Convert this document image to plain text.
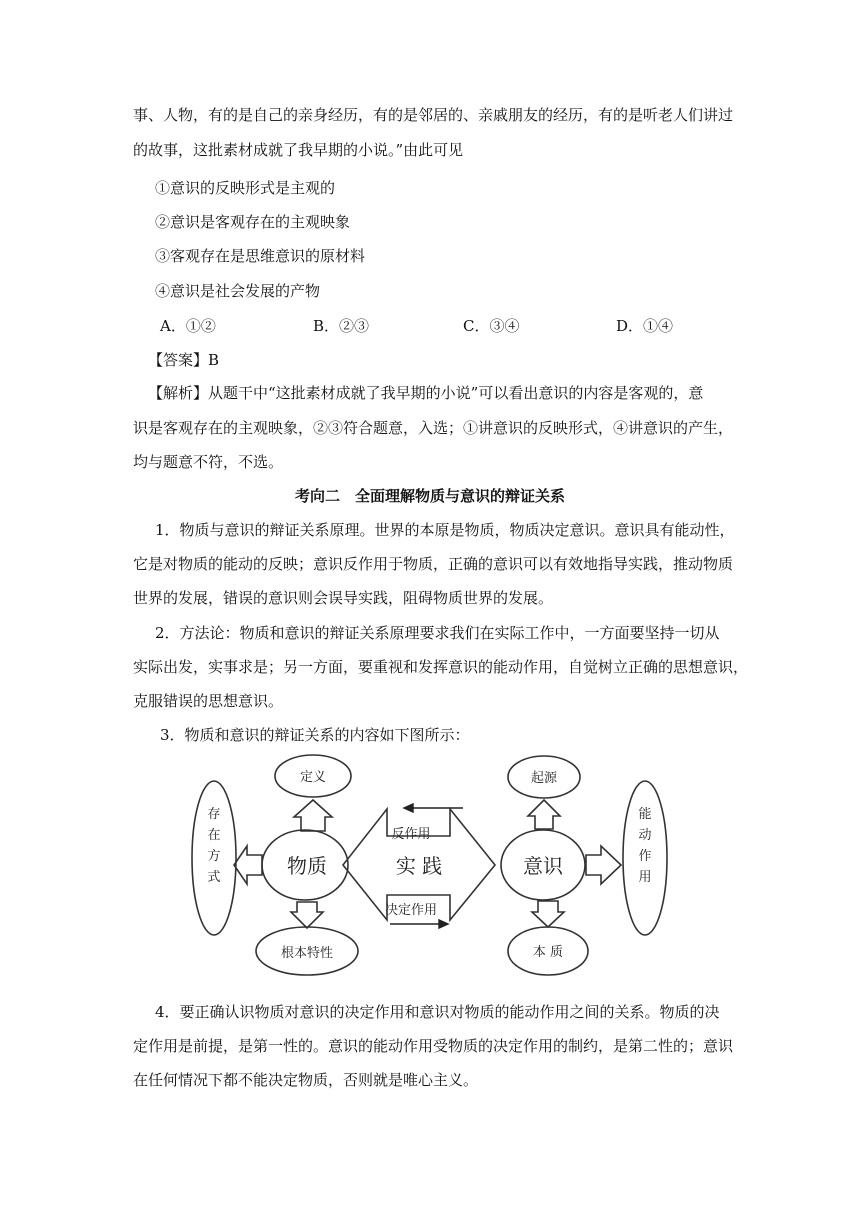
事、人物，有的是自己的亲身经历，有的是邻居的、亲戚朋友的经历，有的是听老人们讲过
的故事，这批素材成就了我早期的小说。”由此可见
①意识的反映形式是主观的
②意识是客观存在的主观映象
③客观存在是思维意识的原材料
④意识是社会发展的产物
A．①②	B．②③	C．③④	D．①④
【答案】B
【解析】从题干中“这批素材成就了我早期的小说”可以看出意识的内容是客观的，意
识是客观存在的主观映象，②③符合题意，入选；①讲意识的反映形式，④讲意识的产生，
均与题意不符，不选。
考向二　全面理解物质与意识的辩证关系
1．物质与意识的辩证关系原理。世界的本原是物质，物质决定意识。意识具有能动性，
它是对物质的能动的反映；意识反作用于物质，正确的意识可以有效地指导实践，推动物质
世界的发展，错误的意识则会误导实践，阻碍物质世界的发展。
2．方法论：物质和意识的辩证关系原理要求我们在实际工作中，一方面要坚持一切从
实际出发，实事求是；另一方面，要重视和发挥意识的能动作用，自觉树立正确的思想意识，
克服错误的思想意识。
3．物质和意识的辩证关系的内容如下图所示：
定义
物质	实 践
反作用
决定作用
根本特性
起源
意识
本 质
存
在
方
式
能
动
作
用
4．要正确认识物质对意识的决定作用和意识对物质的能动作用之间的关系。物质的决
定作用是前提，是第一性的。意识的能动作用受物质的决定作用的制约，是第二性的；意识
在任何情况下都不能决定物质，否则就是唯心主义。
